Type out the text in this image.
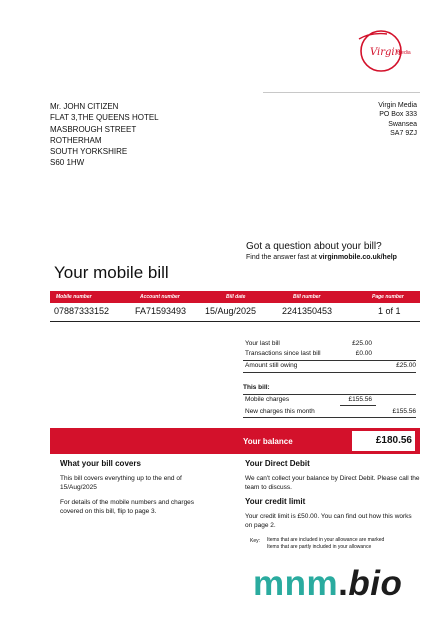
Virgin
media
Mr. JOHN CITIZEN
FLAT 3,THE QUEENS HOTEL
MASBROUGH STREET
ROTHERHAM
SOUTH YORKSHIRE
S60 1HW
Virgin Media
PO Box 333
Swansea
SA7 9ZJ
Got a question about your bill?
Find the answer fast at virginmobile.co.uk/help
Your mobile bill
Mobile number	Account number	Bill date	Bill number	Page number
07887333152	FA71593493 15/Aug/2025	2241350453	1 of 1
Your last bill	£25.00
Transactions since last bill	£0.00
Amount still owing	£25.00
This bill:
Mobile charges	£155.56
New charges this month	£155.56
Your balance	£180.56
What your bill covers
This bill covers everything up to the end of 15/Aug/2025
For details of the mobile numbers and charges covered on this bill, flip to page 3.
Your Direct Debit
We can't collect your balance by Direct Debit. Please call the team to discuss.
Your credit limit
Your credit limit is £50.00. You can find out how this works on page 2.
Key: Items that are included in your allowance are marked
Items that are partly included in your allowance
mnm.bio
